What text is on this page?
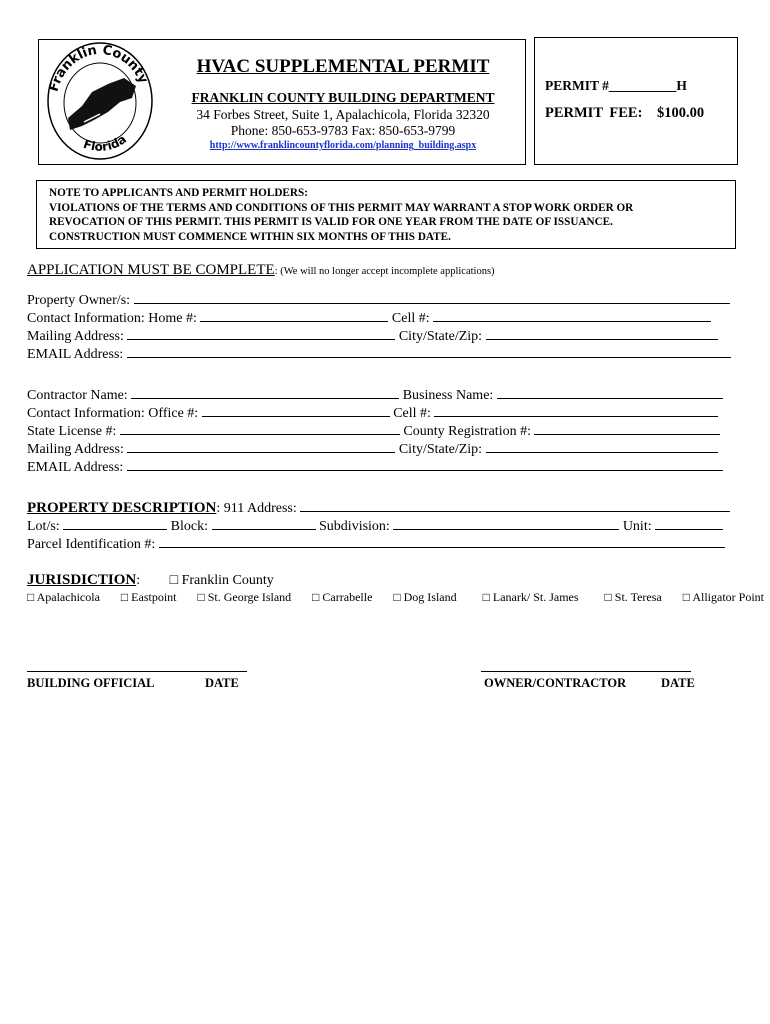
Franklin County
Florida
HVAC SUPPLEMENTAL PERMIT
FRANKLIN COUNTY BUILDING DEPARTMENT
34 Forbes Street, Suite 1, Apalachicola, Florida 32320
Phone: 850-653-9783 Fax: 850-653-9799
http://www.franklincountyflorida.com/planning_building.aspx
PERMIT #__________H
PERMIT FEE: $100.00
NOTE TO APPLICANTS AND PERMIT HOLDERS:
VIOLATIONS OF THE TERMS AND CONDITIONS OF THIS PERMIT MAY WARRANT A STOP WORK ORDER OR
REVOCATION OF THIS PERMIT. THIS PERMIT IS VALID FOR ONE YEAR FROM THE DATE OF ISSUANCE.
CONSTRUCTION MUST COMMENCE WITHIN SIX MONTHS OF THIS DATE.
APPLICATION MUST BE COMPLETE: (We will no longer accept incomplete applications)
Property Owner/s:
Contact Information: Home #:	Cell #:
Mailing Address:	City/State/Zip:
EMAIL Address:
Contractor Name:	Business Name:
Contact Information: Office #:	Cell #:
State License #:	County Registration #:
Mailing Address:	City/State/Zip:
EMAIL Address:
PROPERTY DESCRIPTION: 911 Address:
Lot/s:	Block:	Subdivision:	Unit:
Parcel Identification #:
JURISDICTION: □ Franklin County
□ Apalachicola □ Eastpoint □ St. George Island □ Carrabelle □ Dog Island □ Lanark/ St. James □ St. Teresa □ Alligator Point
BUILDING OFFICIAL	DATE	OWNER/CONTRACTOR	DATE
